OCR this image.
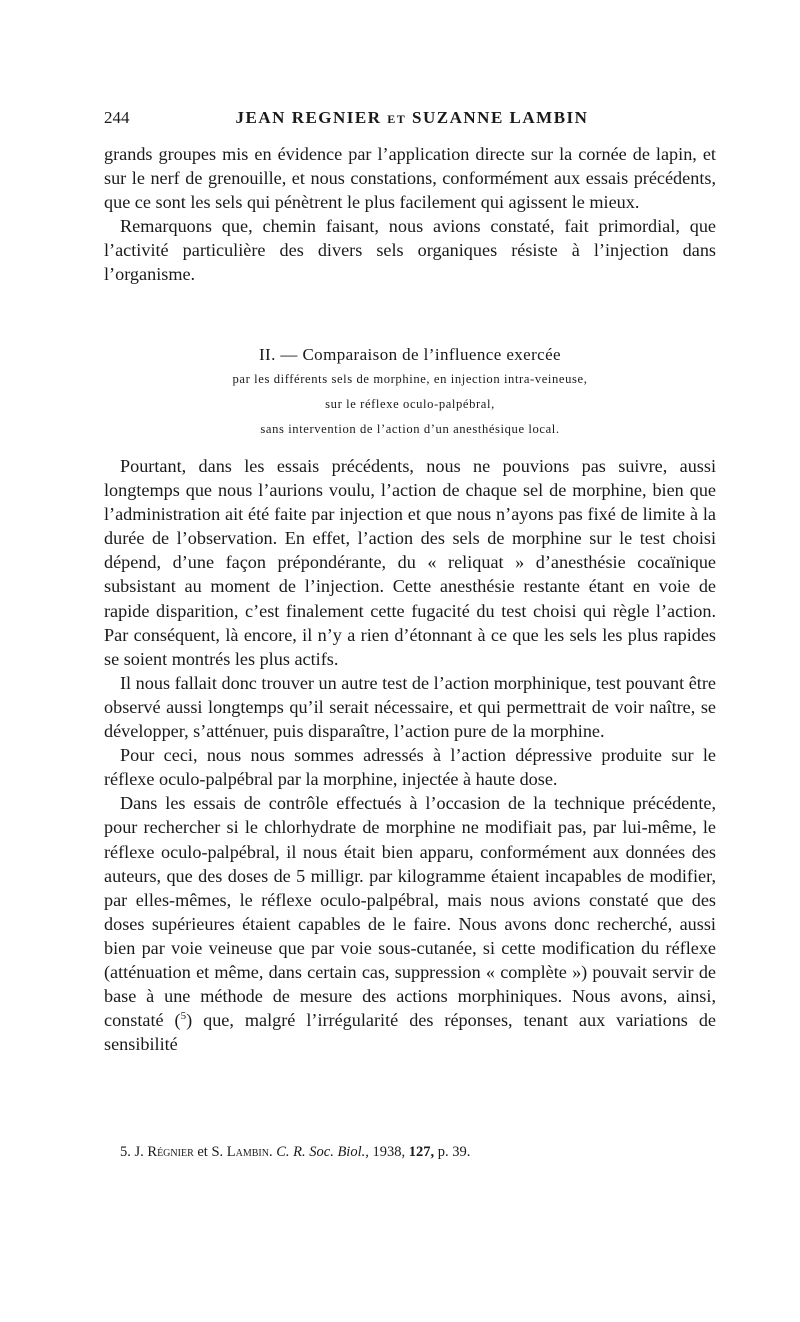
244	JEAN REGNIER et SUZANNE LAMBIN

grands groupes mis en évidence par l’application directe sur la cornée de lapin, et sur le nerf de grenouille, et nous constations, conformément aux essais précédents, que ce sont les sels qui pénètrent le plus facilement qui agissent le mieux.

Remarquons que, chemin faisant, nous avions constaté, fait primordial, que l’activité particulière des divers sels organiques résiste à l’injection dans l’organisme.

II. — Comparaison de l’influence exercée
par les différents sels de morphine, en injection intra-veineuse,
sur le réflexe oculo-palpébral,
sans intervention de l’action d’un anesthésique local.

Pourtant, dans les essais précédents, nous ne pouvions pas suivre, aussi longtemps que nous l’aurions voulu, l’action de chaque sel de morphine, bien que l’administration ait été faite par injection et que nous n’ayons pas fixé de limite à la durée de l’observation. En effet, l’action des sels de morphine sur le test choisi dépend, d’une façon prépondérante, du « reliquat » d’anesthésie cocaïnique subsistant au moment de l’injection. Cette anesthésie restante étant en voie de rapide disparition, c’est finalement cette fugacité du test choisi qui règle l’action. Par conséquent, là encore, il n’y a rien d’étonnant à ce que les sels les plus rapides se soient montrés les plus actifs.

Il nous fallait donc trouver un autre test de l’action morphinique, test pouvant être observé aussi longtemps qu’il serait nécessaire, et qui permettrait de voir naître, se développer, s’atténuer, puis disparaître, l’action pure de la morphine.

Pour ceci, nous nous sommes adressés à l’action dépressive produite sur le réflexe oculo-palpébral par la morphine, injectée à haute dose.

Dans les essais de contrôle effectués à l’occasion de la technique précédente, pour rechercher si le chlorhydrate de morphine ne modifiait pas, par lui-même, le réflexe oculo-palpébral, il nous était bien apparu, conformément aux données des auteurs, que des doses de 5 milligr. par kilogramme étaient incapables de modifier, par elles-mêmes, le réflexe oculo-palpébral, mais nous avions constaté que des doses supérieures étaient capables de le faire. Nous avons donc recherché, aussi bien par voie veineuse que par voie sous-cutanée, si cette modification du réflexe (atténuation et même, dans certain cas, suppression « complète ») pouvait servir de base à une méthode de mesure des actions morphiniques. Nous avons, ainsi, constaté ($^5$) que, malgré l’irrégularité des réponses, tenant aux variations de sensibilité

5. J. Régnier et S. Lambin. C. R. Soc. Biol., 1938, 127, p. 39.
